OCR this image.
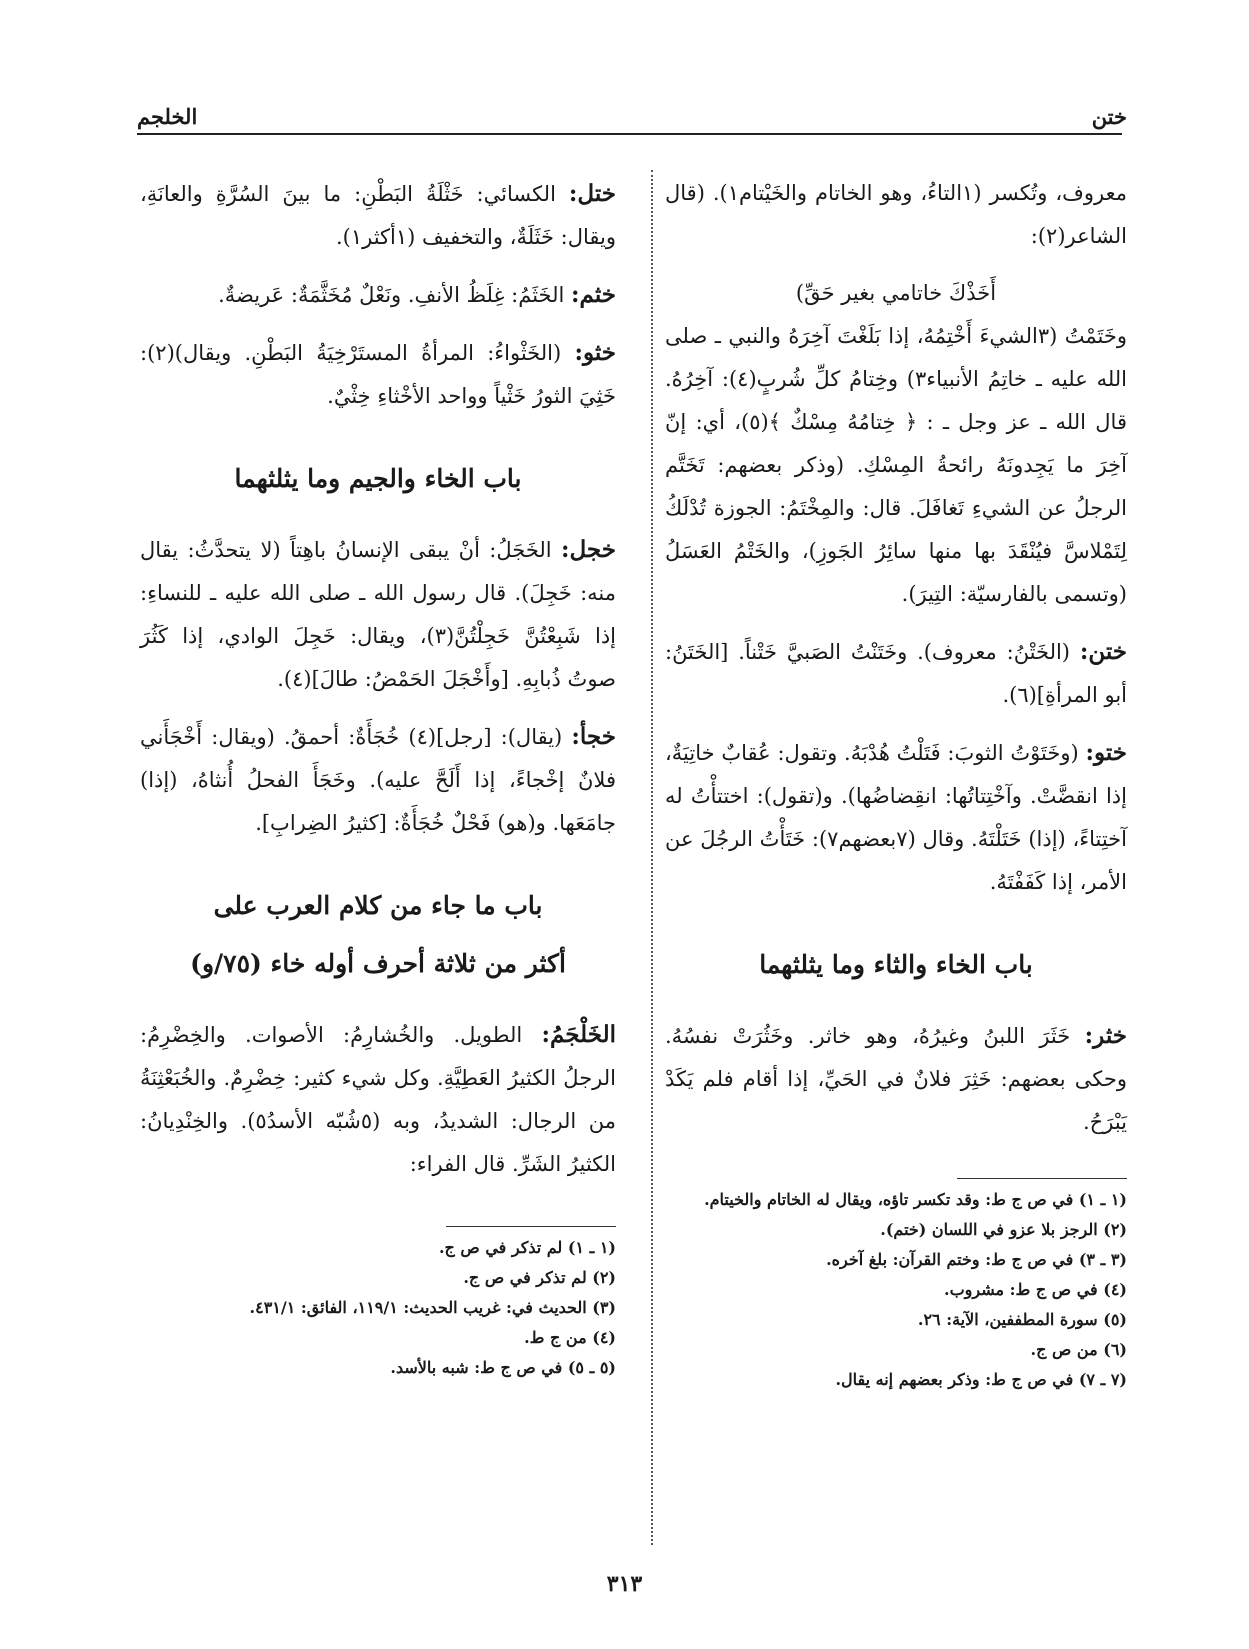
ختن
الخلجم

معروف، وتُكسر (١التاءُ، وهو الخاتام والخَيْتام١). (قال الشاعر(٢):

أَخَذْكَ خاتامي بغير حَقِّ)

وخَتَمْتُ (٣الشيءَ أَخْتِمُهُ، إذا بَلَغْتَ آخِرَهُ والنبي ـ صلى الله عليه ـ خاتِمُ الأنبياء٣) وخِتامُ كلِّ شُربٍ(٤): آخِرُهُ. قال الله ـ عز وجل ـ : ﴿ خِتامُهُ مِسْكٌ ﴾(٥)، أي: إنّ آخِرَ ما يَجِدونَهُ رائحةُ المِسْكِ. (وذكر بعضهم: تَخَتَّم الرجلُ عن الشيءِ تَغافَلَ. قال: والمِخْتَمُ: الجوزة تُدْلَكُ لِتَمْلاسَّ فيُنْقَدَ بها منها سائِرُ الجَوزِ)، والخَتْمُ العَسَلُ (وتسمى بالفارسيّة: التِيرَ).

ختن: (الخَتْنُ: معروف). وخَتَنْتُ الصَبيَّ خَتْناً. [الخَتَنُ: أبو المرأةِ](٦).

ختو: (وخَتَوْتُ الثوبَ: فَتَلْتُ هُدْبَهُ. وتقول: عُقابٌ خاتِيَةٌ، إذا انقضَّتْ. وآخْتِتاتُها: انقِضاضُها). و(تقول): اختتأْتُ له آختِتاءً، (إذا) خَتَلْتَهُ. وقال (٧بعضهم٧): خَتَأْتُ الرجُلَ عن الأمر، إذا كَفَفْتَهُ.

باب الخاء والثاء وما يثلثهما

خثر: خَثَرَ اللبنُ وغيرُهُ، وهو خاثر. وخَثُرَتْ نفسُهُ. وحكى بعضهم: خَثِرَ فلانٌ في الحَيِّ، إذا أقام فلم يَكَدْ يَبْرَحُ.

(١ ـ ١) في ص ج ط: وقد تكسر تاؤه، ويقال له الخاتام والخيتام.

(٢) الرجز بلا عزو في اللسان (ختم).

(٣ ـ ٣) في ص ج ط: وختم القرآن: بلغ آخره.

(٤) في ص ج ط: مشروب.

(٥) سورة المطففين، الآية: ٢٦.

(٦) من ص ج.

(٧ ـ ٧) في ص ج ط: وذكر بعضهم إنه يقال.

ختل: الكسائي: خَثْلَةُ البَطْنِ: ما بينَ السُرَّةِ والعانَةِ، ويقال: خَثَلَةٌ، والتخفيف (١أكثر١).

خثم: الخَثَمُ: غِلَظُ الأنفِ. ونَعْلٌ مُخَثَّمَةٌ: عَريضةٌ.

خثو: (الخَثْواءُ: المرأةُ المستَرْخِيَةُ البَطْنِ. ويقال)(٢): خَثِيَ الثورُ خَثْياً وواحد الأخْثاءِ خِثْيٌ.

باب الخاء والجيم وما يثلثهما

خجل: الخَجَلُ: أنْ يبقى الإنسانُ باهِتاً (لا يتحدَّثُ: يقال منه: خَجِلَ). قال رسول الله ـ صلى الله عليه ـ للنساءِ: إذا شَبِعْتُنَّ خَجِلْتُنَّ(٣)، ويقال: خَجِلَ الوادي، إذا كَثُرَ صوتُ ذُبابِهِ. [وأَخْجَلَ الحَمْضُ: طالَ](٤).

خجأ: (يقال): [رجل](٤) خُجَأَةٌ: أحمقُ. (ويقال: أَخْجَأَني فلانٌ إخْجاءً، إذا أَلَحَّ عليه). وخَجَأَ الفحلُ أُنثاهُ، (إذا) جامَعَها. و(هو) فَحْلٌ خُجَأَةٌ: [كثيرُ الضِرابِ].

باب ما جاء من كلام العرب على
أكثر من ثلاثة أحرف أوله خاء (٧٥/و)

الخَلْجَمُ: الطويل. والخُشارِمُ: الأصوات. والخِضْرِمُ: الرجلُ الكثيرُ العَطِيَّةِ. وكل شيء كثير: خِضْرِمٌ. والخُبَعْثِنَةُ من الرجال: الشديدُ، وبه (٥شُبّه الأسدُ٥). والخِنْدِيانُ: الكثيرُ الشَرِّ. قال الفراء:

(١ ـ ١) لم تذكر في ص ج.

(٢) لم تذكر في ص ج.

(٣) الحديث في: غريب الحديث: ١١٩/١، الفائق: ٤٣١/١.

(٤) من ج ط.

(٥ ـ ٥) في ص ج ط: شبه بالأسد.

٣١٣
